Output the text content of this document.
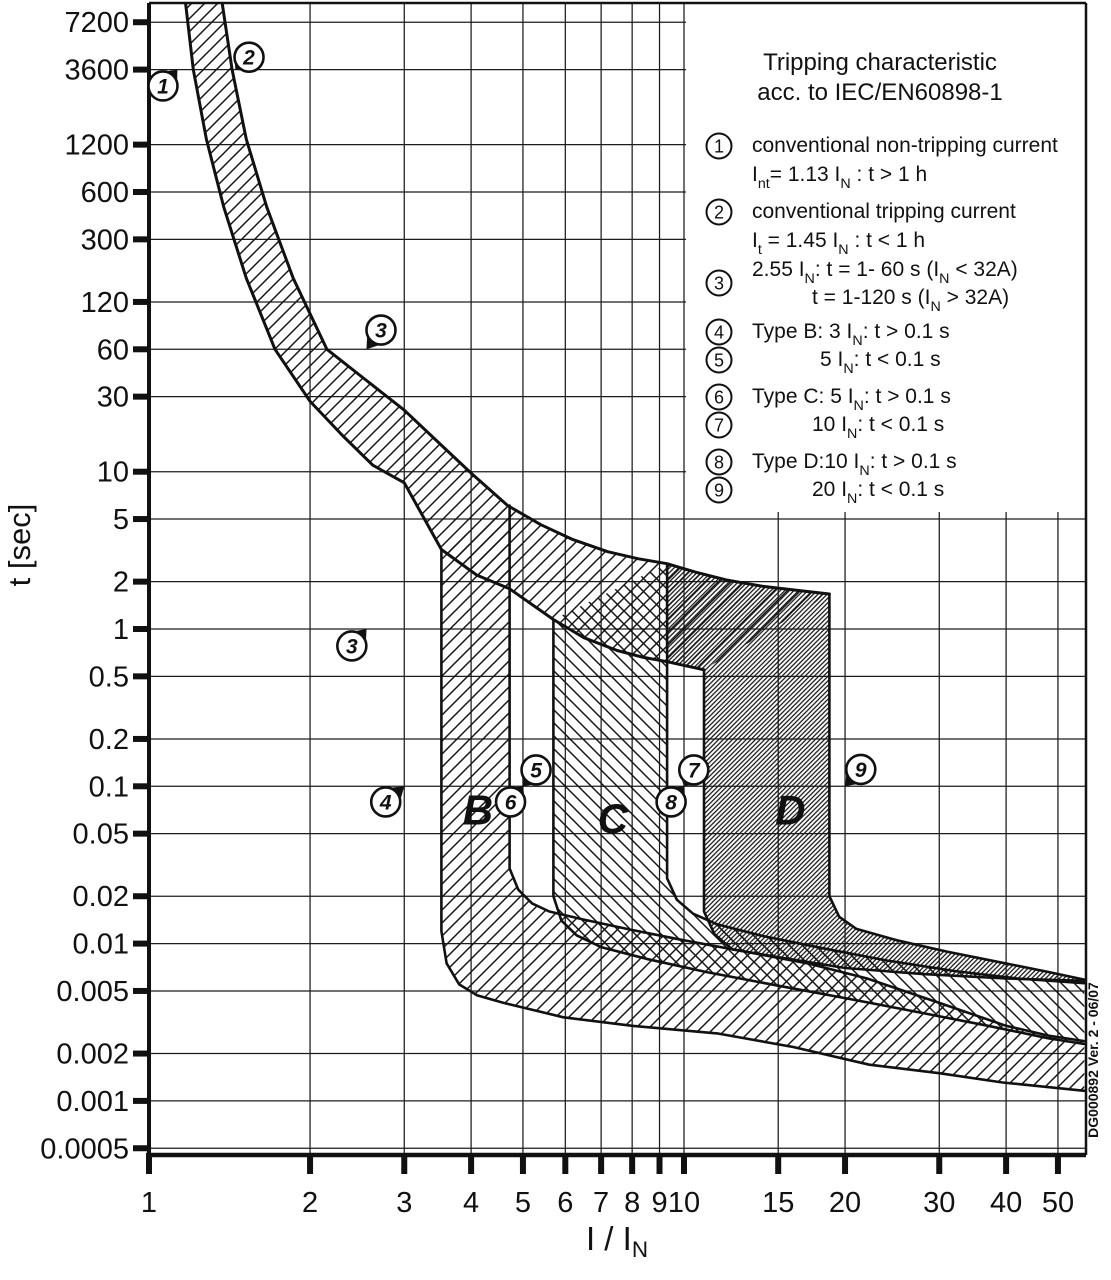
7200
3600
1200
600
300
120
60
30
10
5
2
1
0.5
0.2
0.1
0.05
0.02
0.01
0.005
0.002
0.001
0.0005
1	2	3 4 5 6 7 8 9 10 15 20 30 40 50
t [sec]
I / $I_N$
1
2
3
3
4
5
6
7
8
9
B C	D
Tripping characteristic
acc. to IEC/EN60898-1
1 conventional non-tripping current
$I_{nt}= 1.13$ $I_N$ : t > 1 h
2 conventional tripping current
$I_t = 1.45$ $I_N$ : t < 1 h
3
2.55 $I_N$: t = 1- 60 s $(I_N < 32A)$
t = 1-120 s $(I_N > 32A)$
4 Type B: 3 $I_N$: t > 0.1 s
5	5 $I_N$: t < 0.1 s
6 Type C: 5 $I_N$: t > 0.1 s
7	10 $I_N$: t < 0.1 s
8 Type D:10 $I_N$: t > 0.1 s
9	20 $I_N$: t < 0.1 s
DG000892 Ver. 2 - 06/07
